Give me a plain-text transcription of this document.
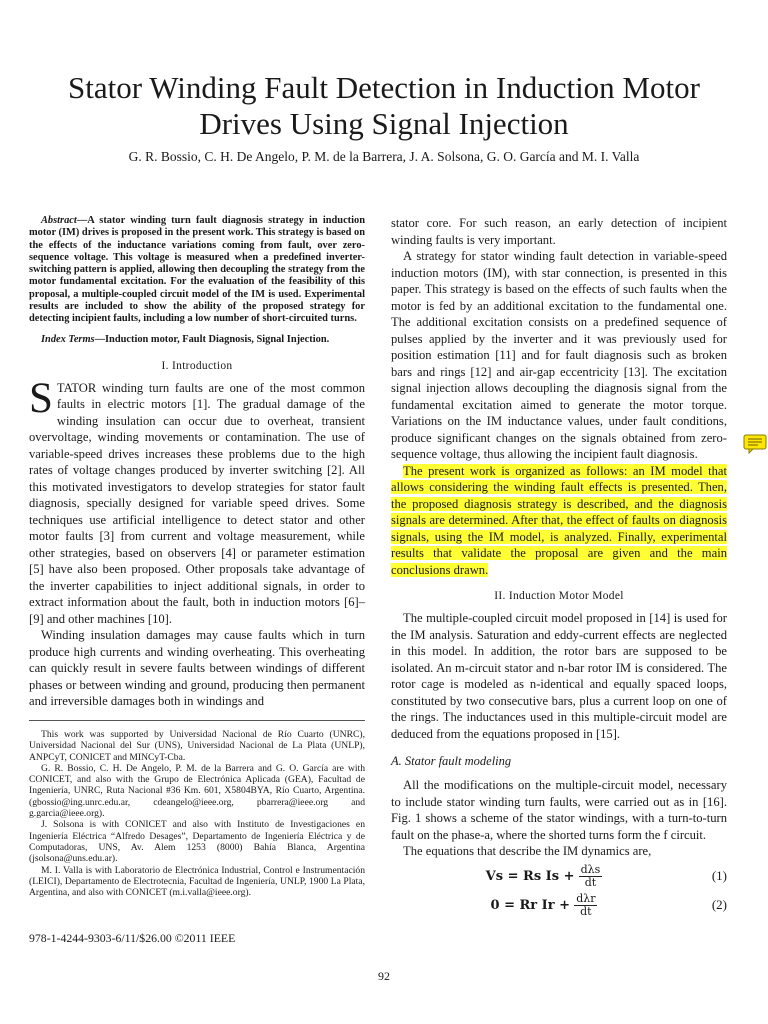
Stator Winding Fault Detection in Induction Motor
Drives Using Signal Injection
G. R. Bossio, C. H. De Angelo, P. M. de la Barrera, J. A. Solsona, G. O. García and M. I. Valla

Abstract—A stator winding turn fault diagnosis strategy in induction motor (IM) drives is proposed in the present work. This strategy is based on the effects of the inductance variations coming from fault, over zero-sequence voltage. This voltage is measured when a predefined inverter-switching pattern is applied, allowing then decoupling the strategy from the motor fundamental excitation. For the evaluation of the feasibility of this proposal, a multiple-coupled circuit model of the IM is used. Experimental results are included to show the ability of the proposed strategy for detecting incipient faults, including a low number of short-circuited turns.

Index Terms—Induction motor, Fault Diagnosis, Signal Injection.

I. Introduction
S TATOR winding turn faults are one of the most common faults in electric motors [1]. The gradual damage of the winding insulation can occur due to overheat, transient overvoltage, winding movements or contamination. The use of variable-speed drives increases these problems due to the high rates of voltage changes produced by inverter switching [2]. All this motivated investigators to develop strategies for stator fault diagnosis, specially designed for variable speed drives. Some techniques use artificial intelligence to detect stator and other motor faults [3] from current and voltage measurement, while other strategies, based on observers [4] or parameter estimation [5] have also been proposed. Other proposals take advantage of the inverter capabilities to inject additional signals, in order to extract information about the fault, both in induction motors [6]–[9] and other machines [10].

Winding insulation damages may cause faults which in turn produce high currents and winding overheating. This overheating can quickly result in severe faults between windings of different phases or between winding and ground, producing then permanent and irreversible damages both in windings and

This work was supported by Universidad Nacional de Río Cuarto (UNRC), Universidad Nacional del Sur (UNS), Universidad Nacional de La Plata (UNLP), ANPCyT, CONICET and MINCyT-Cba.

G. R. Bossio, C. H. De Angelo, P. M. de la Barrera and G. O. García are with CONICET, and also with the Grupo de Electrónica Aplicada (GEA), Facultad de Ingeniería, UNRC, Ruta Nacional #36 Km. 601, X5804BYA, Río Cuarto, Argentina. (gbossio@ing.unrc.edu.ar, cdeangelo@ieee.org, pbarrera@ieee.org and g.garcia@ieee.org).

J. Solsona is with CONICET and also with Instituto de Investigaciones en Ingeniería Eléctrica “Alfredo Desages”, Departamento de Ingeniería Eléctrica y de Computadoras, UNS, Av. Alem 1253 (8000) Bahía Blanca, Argentina (jsolsona@uns.edu.ar).

M. I. Valla is with Laboratorio de Electrónica Industrial, Control e Instrumentación (LEICI), Departamento de Electrotecnia, Facultad de Ingeniería, UNLP, 1900 La Plata, Argentina, and also with CONICET (m.i.valla@ieee.org).

978-1-4244-9303-6/11/$26.00 ©2011 IEEE

stator core. For such reason, an early detection of incipient winding faults is very important.

A strategy for stator winding fault detection in variable-speed induction motors (IM), with star connection, is presented in this paper. This strategy is based on the effects of such faults when the motor is fed by an additional excitation to the fundamental one. The additional excitation consists on a predefined sequence of pulses applied by the inverter and it was previously used for position estimation [11] and for fault diagnosis such as broken bars and rings [12] and air-gap eccentricity [13]. The excitation signal injection allows decoupling the diagnosis signal from the fundamental excitation aimed to generate the motor torque. Variations on the IM inductance values, under fault conditions, produce significant changes on the signals obtained from zero-sequence voltage, thus allowing the incipient fault diagnosis.

The present work is organized as follows: an IM model that allows considering the winding fault effects is presented. Then, the proposed diagnosis strategy is described, and the diagnosis signals are determined. After that, the effect of faults on diagnosis signals, using the IM model, is analyzed. Finally, experimental results that validate the proposal are given and the main conclusions drawn.

II. Induction Motor Model

The multiple-coupled circuit model proposed in [14] is used for the IM analysis. Saturation and eddy-current effects are neglected in this model. In addition, the rotor bars are supposed to be isolated. An m-circuit stator and n-bar rotor IM is considered. The rotor cage is modeled as n-identical and equally spaced loops, constituted by two consecutive bars, plus a current loop on one of the rings. The inductances used in this multiple-circuit model are deduced from the equations proposed in [15].

A. Stator fault modeling

All the modifications on the multiple-circuit model, necessary to include stator winding turn faults, were carried out as in [16]. Fig. 1 shows a scheme of the stator windings, with a turn-to-turn fault on the phase-a, where the shorted turns form the f circuit.

The equations that describe the IM dynamics are,

Vs = Rs $Is + \frac{\text{dλs}}{dt}$	(1)
0 = Rr $Ir + \frac{\text{dλr}}{dt}$	(2)
92
